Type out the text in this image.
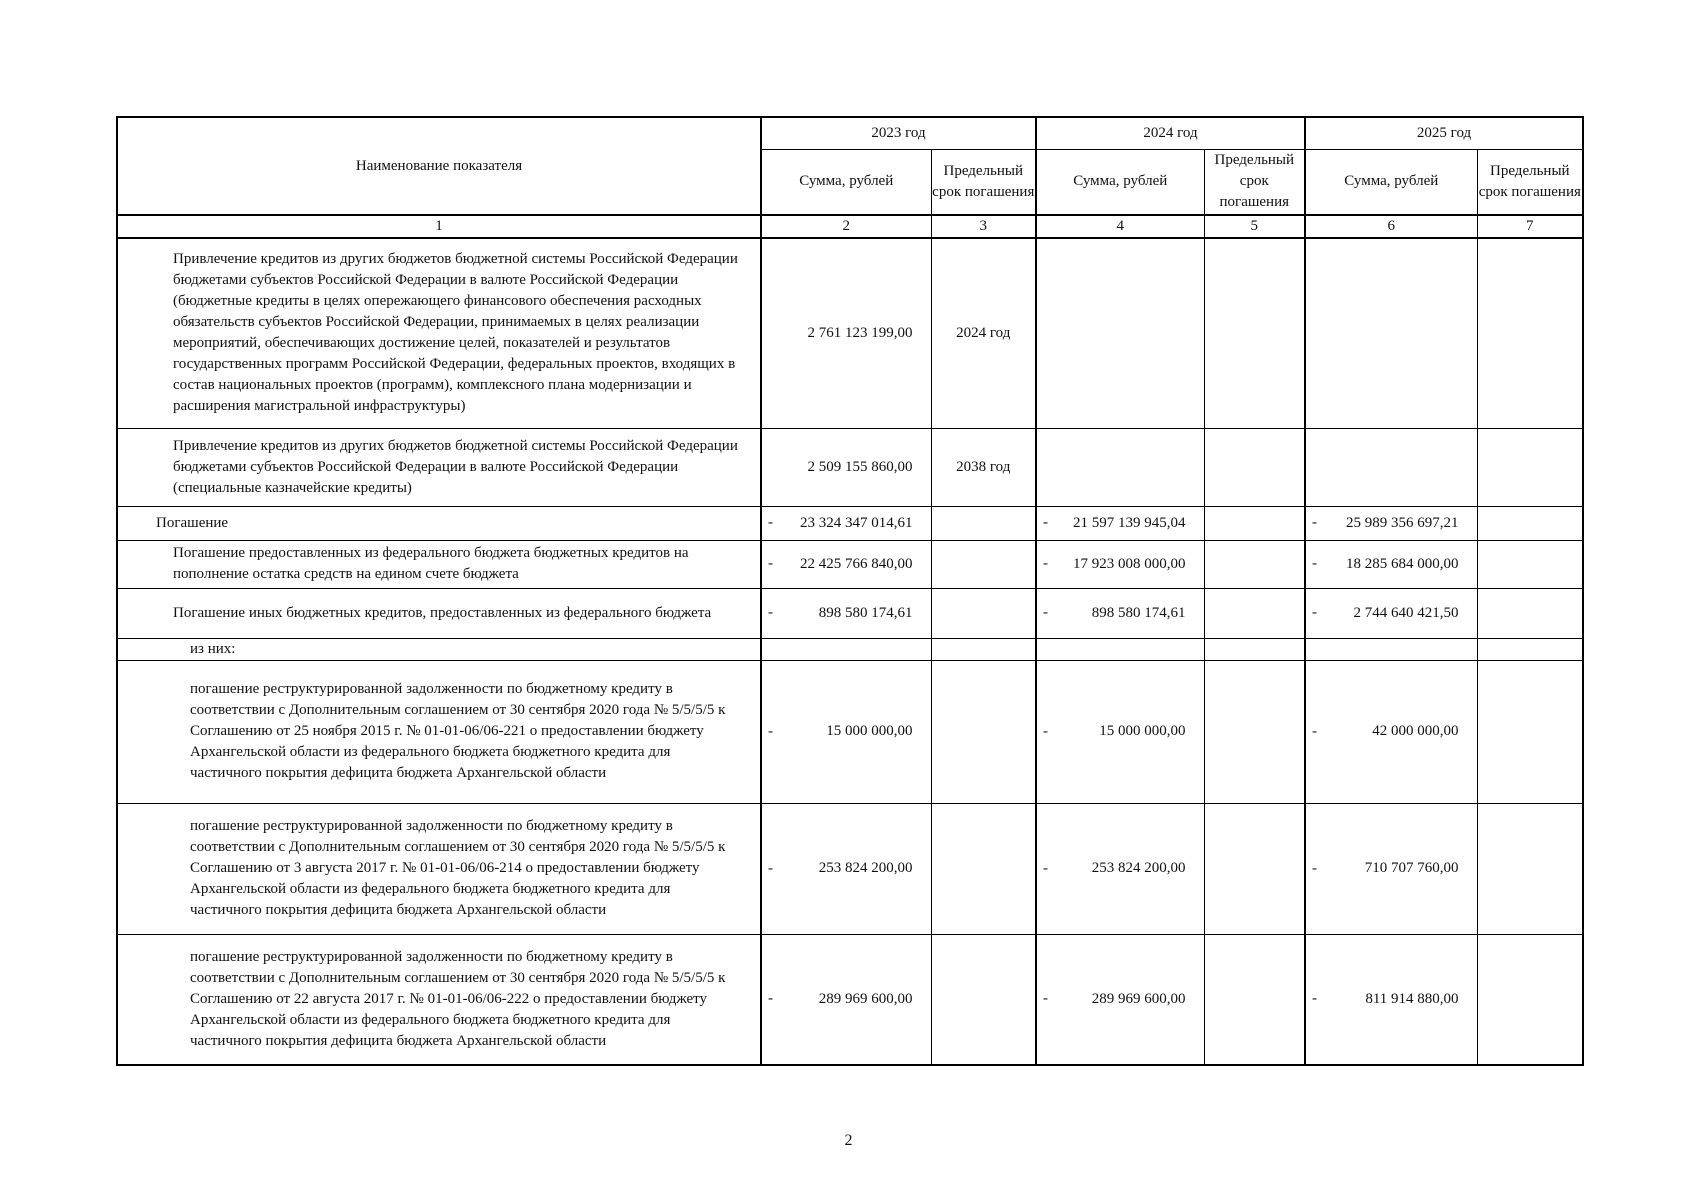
Наименование показателя	2023 год		2024 год		2025 год	
	Сумма, рублей	Предельный срок погашения	Сумма, рублей	Предельный срок погашения	Сумма, рублей	Предельный срок погашения
1	2	3	4	5	6	7
Привлечение кредитов из других бюджетов бюджетной системы Российской Федерации бюджетами субъектов Российской Федерации в валюте Российской Федерации (бюджетные кредиты в целях опережающего финансового обеспечения расходных обязательств субъектов Российской Федерации, принимаемых в целях реализации мероприятий, обеспечивающих достижение целей, показателей и результатов государственных программ Российской Федерации, федеральных проектов, входящих в состав национальных проектов (программ), комплексного плана модернизации и расширения магистральной инфраструктуры)	2 761 123 199,00	2024 год				
Привлечение кредитов из других бюджетов бюджетной системы Российской Федерации бюджетами субъектов Российской Федерации в валюте Российской Федерации (специальные казначейские кредиты)	2 509 155 860,00	2038 год				
Погашение	- 23 324 347 014,61		- 21 597 139 945,04		- 25 989 356 697,21	
Погашение предоставленных из федерального бюджета бюджетных кредитов на пополнение остатка средств на едином счете бюджета	- 22 425 766 840,00		- 17 923 008 000,00		- 18 285 684 000,00	
Погашение иных бюджетных кредитов, предоставленных из федерального бюджета	- 898 580 174,61		- 898 580 174,61		- 2 744 640 421,50	
из них:						
погашение реструктурированной задолженности по бюджетному кредиту в соответствии с Дополнительным соглашением от 30 сентября 2020 года № 5/5/5/5 к Соглашению от 25 ноября 2015 г. № 01-01-06/06-221 о предоставлении бюджету Архангельской области из федерального бюджета бюджетного кредита для частичного покрытия дефицита бюджета Архангельской области	- 15 000 000,00		- 15 000 000,00		- 42 000 000,00	
погашение реструктурированной задолженности по бюджетному кредиту в соответствии с Дополнительным соглашением от 30 сентября 2020 года № 5/5/5/5 к Соглашению от 3 августа 2017 г. № 01-01-06/06-214 о предоставлении бюджету Архангельской области из федерального бюджета бюджетного кредита для частичного покрытия дефицита бюджета Архангельской области	- 253 824 200,00		- 253 824 200,00		- 710 707 760,00	
погашение реструктурированной задолженности по бюджетному кредиту в соответствии с Дополнительным соглашением от 30 сентября 2020 года № 5/5/5/5 к Соглашению от 22 августа 2017 г. № 01-01-06/06-222 о предоставлении бюджету Архангельской области из федерального бюджета бюджетного кредита для частичного покрытия дефицита бюджета Архангельской области	- 289 969 600,00		- 289 969 600,00		- 811 914 880,00	
2
